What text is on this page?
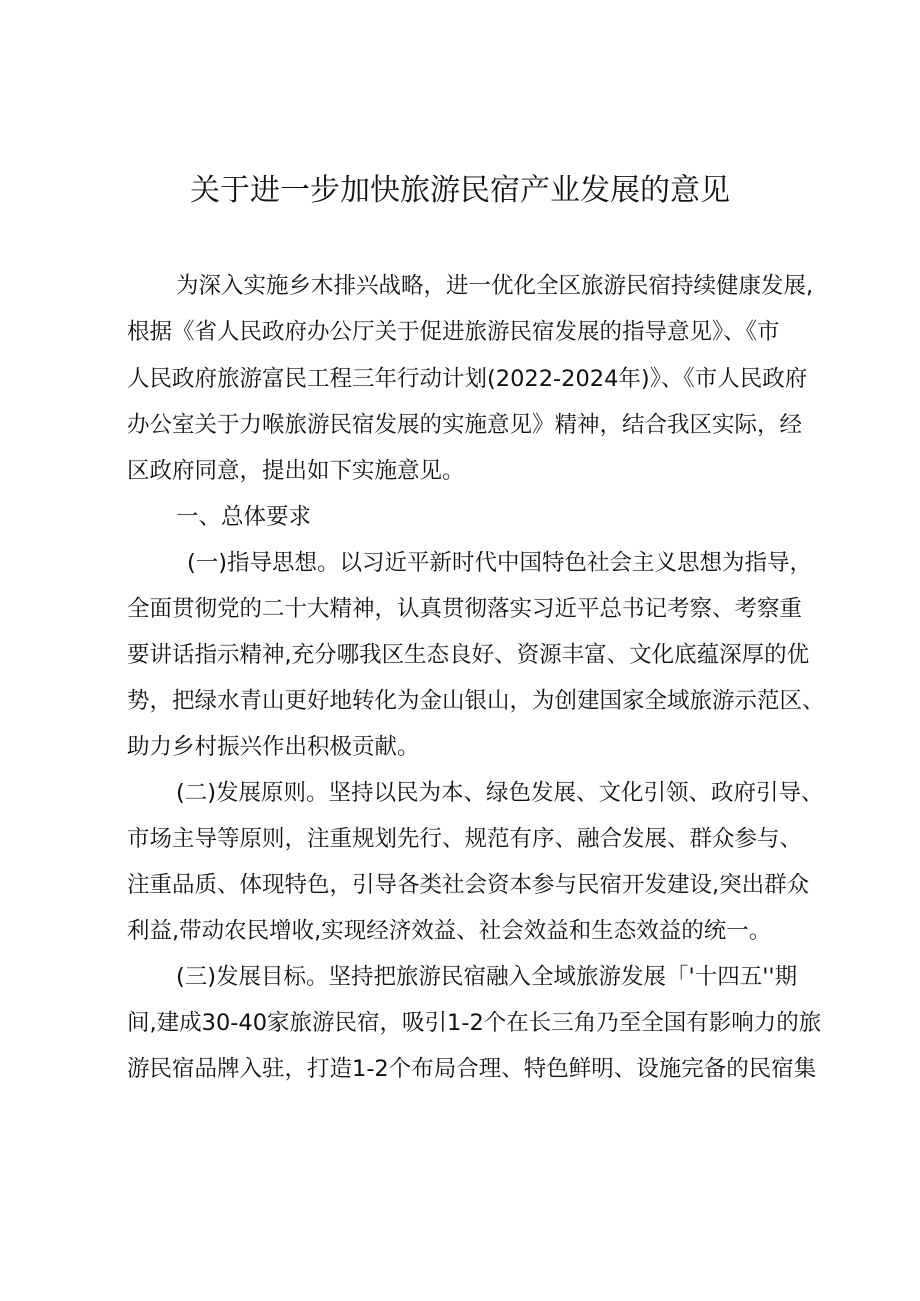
关于进一步加快旅游民宿产业发展的意见

为深入实施乡木排兴战略，进一优化全区旅游民宿持续健康发展,

根据《省人民政府办公厅关于促进旅游民宿发展的指导意见》、《市

人民政府旅游富民工程三年行动计划(2022-2024年)》、《市人民政府

办公室关于力喉旅游民宿发展的实施意见》精神，结合我区实际，经

区政府同意，提出如下实施意见。

一、总体要求

(一)指导思想。以习近平新时代中国特色社会主义思想为指导，

全面贯彻党的二十大精神，认真贯彻落实习近平总书记考察、考察重

要讲话指示精神,充分哪我区生态良好、资源丰富、文化底蕴深厚的优

势，把绿水青山更好地转化为金山银山，为创建国家全域旅游示范区、

助力乡村振兴作出积极贡献。

(二)发展原则。坚持以民为本、绿色发展、文化引领、政府引导、

市场主导等原则，注重规划先行、规范有序、融合发展、群众参与、

注重品质、体现特色，引导各类社会资本参与民宿开发建设,突出群众

利益,带动农民增收,实现经济效益、社会效益和生态效益的统一。

(三)发展目标。坚持把旅游民宿融入全域旅游发展「'十四五''期

间,建成30-40家旅游民宿，吸引1-2个在长三角乃至全国有影响力的旅

游民宿品牌入驻，打造1-2个布局合理、特色鲜明、设施完备的民宿集
